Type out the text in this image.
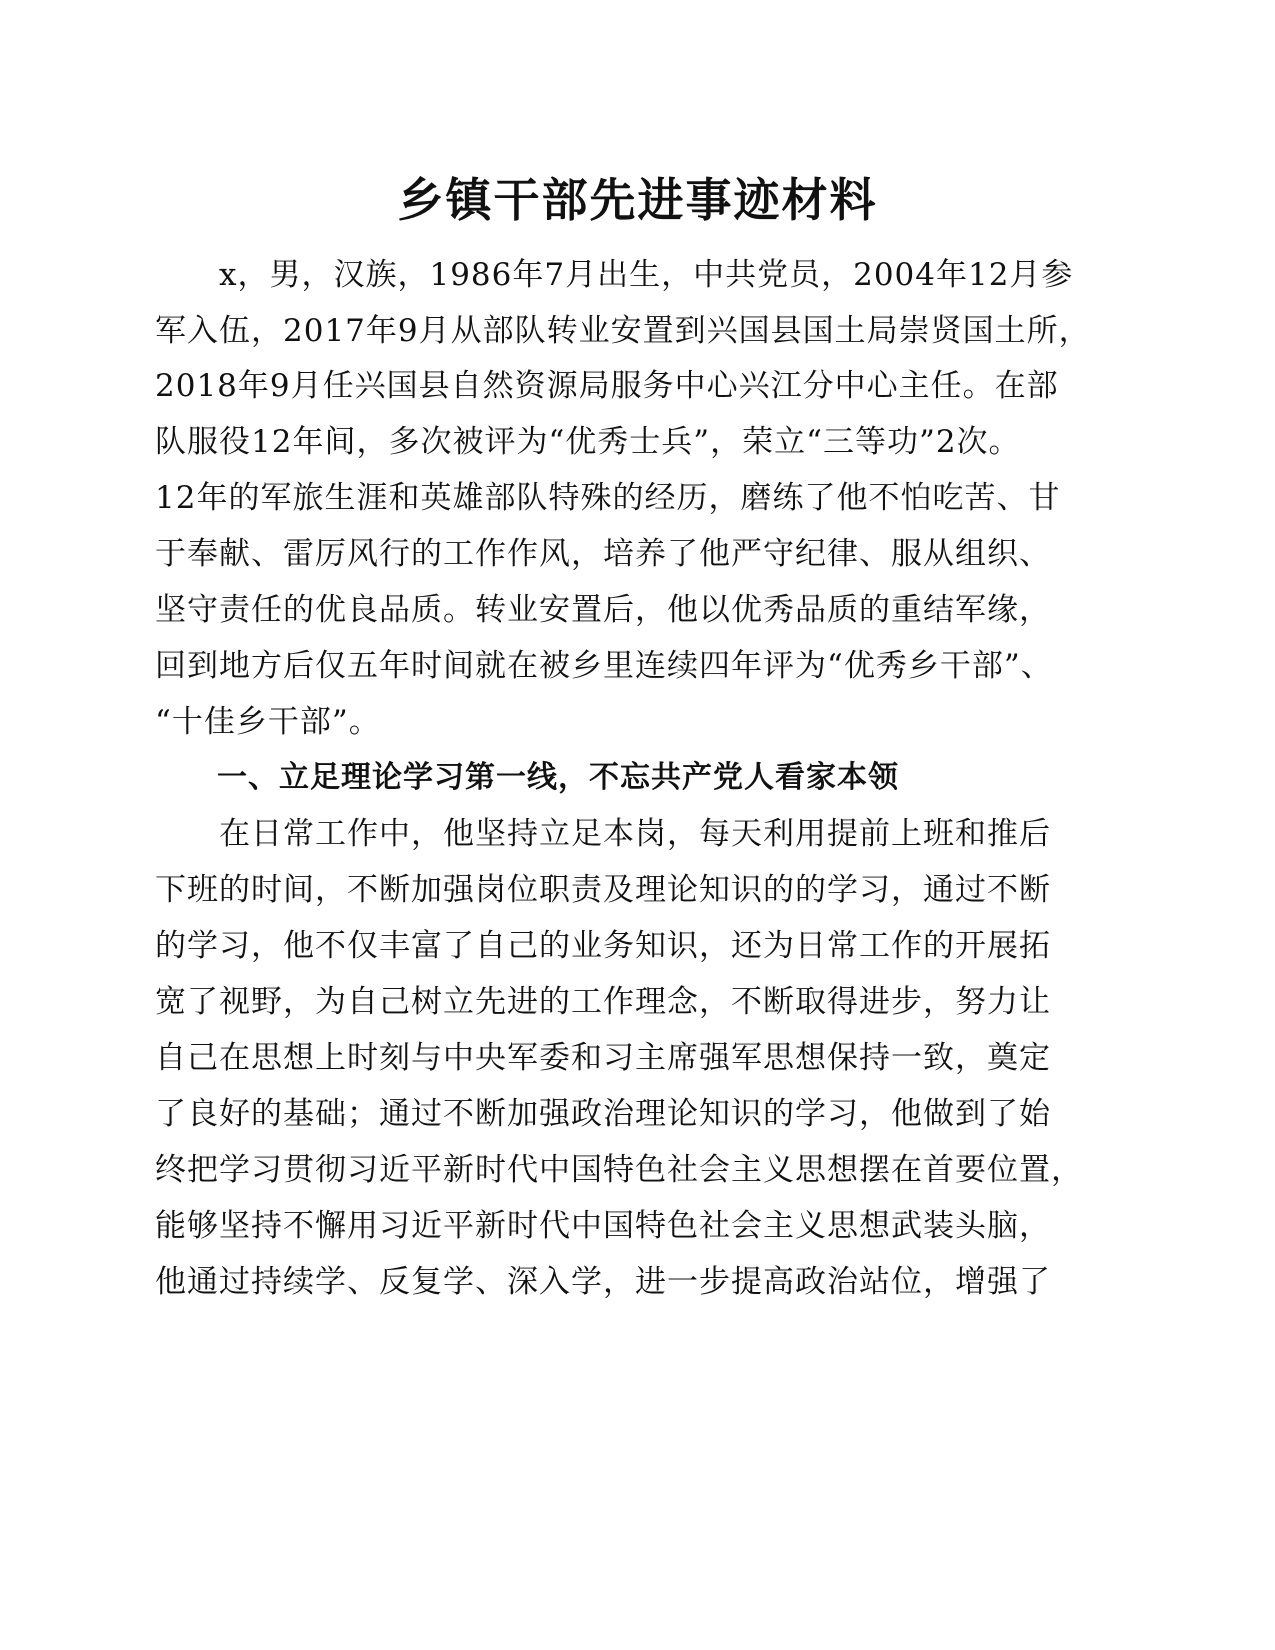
乡镇干部先进事迹材料
　　x，男，汉族，1986年7月出生，中共党员，2004年12月参
军入伍，2017年9月从部队转业安置到兴国县国土局崇贤国土所，
2018年9月任兴国县自然资源局服务中心兴江分中心主任。在部
队服役12年间，多次被评为“优秀士兵”，荣立“三等功”2次。
12年的军旅生涯和英雄部队特殊的经历，磨练了他不怕吃苦、甘
于奉献、雷厉风行的工作作风，培养了他严守纪律、服从组织、
坚守责任的优良品质。转业安置后，他以优秀品质的重结军缘，
回到地方后仅五年时间就在被乡里连续四年评为“优秀乡干部”、
“十佳乡干部”。
　　一、立足理论学习第一线，不忘共产党人看家本领
　　在日常工作中，他坚持立足本岗，每天利用提前上班和推后
下班的时间，不断加强岗位职责及理论知识的的学习，通过不断
的学习，他不仅丰富了自己的业务知识，还为日常工作的开展拓
宽了视野，为自己树立先进的工作理念，不断取得进步，努力让
自己在思想上时刻与中央军委和习主席强军思想保持一致，奠定
了良好的基础；通过不断加强政治理论知识的学习，他做到了始
终把学习贯彻习近平新时代中国特色社会主义思想摆在首要位置，
能够坚持不懈用习近平新时代中国特色社会主义思想武装头脑，
他通过持续学、反复学、深入学，进一步提高政治站位，增强了
